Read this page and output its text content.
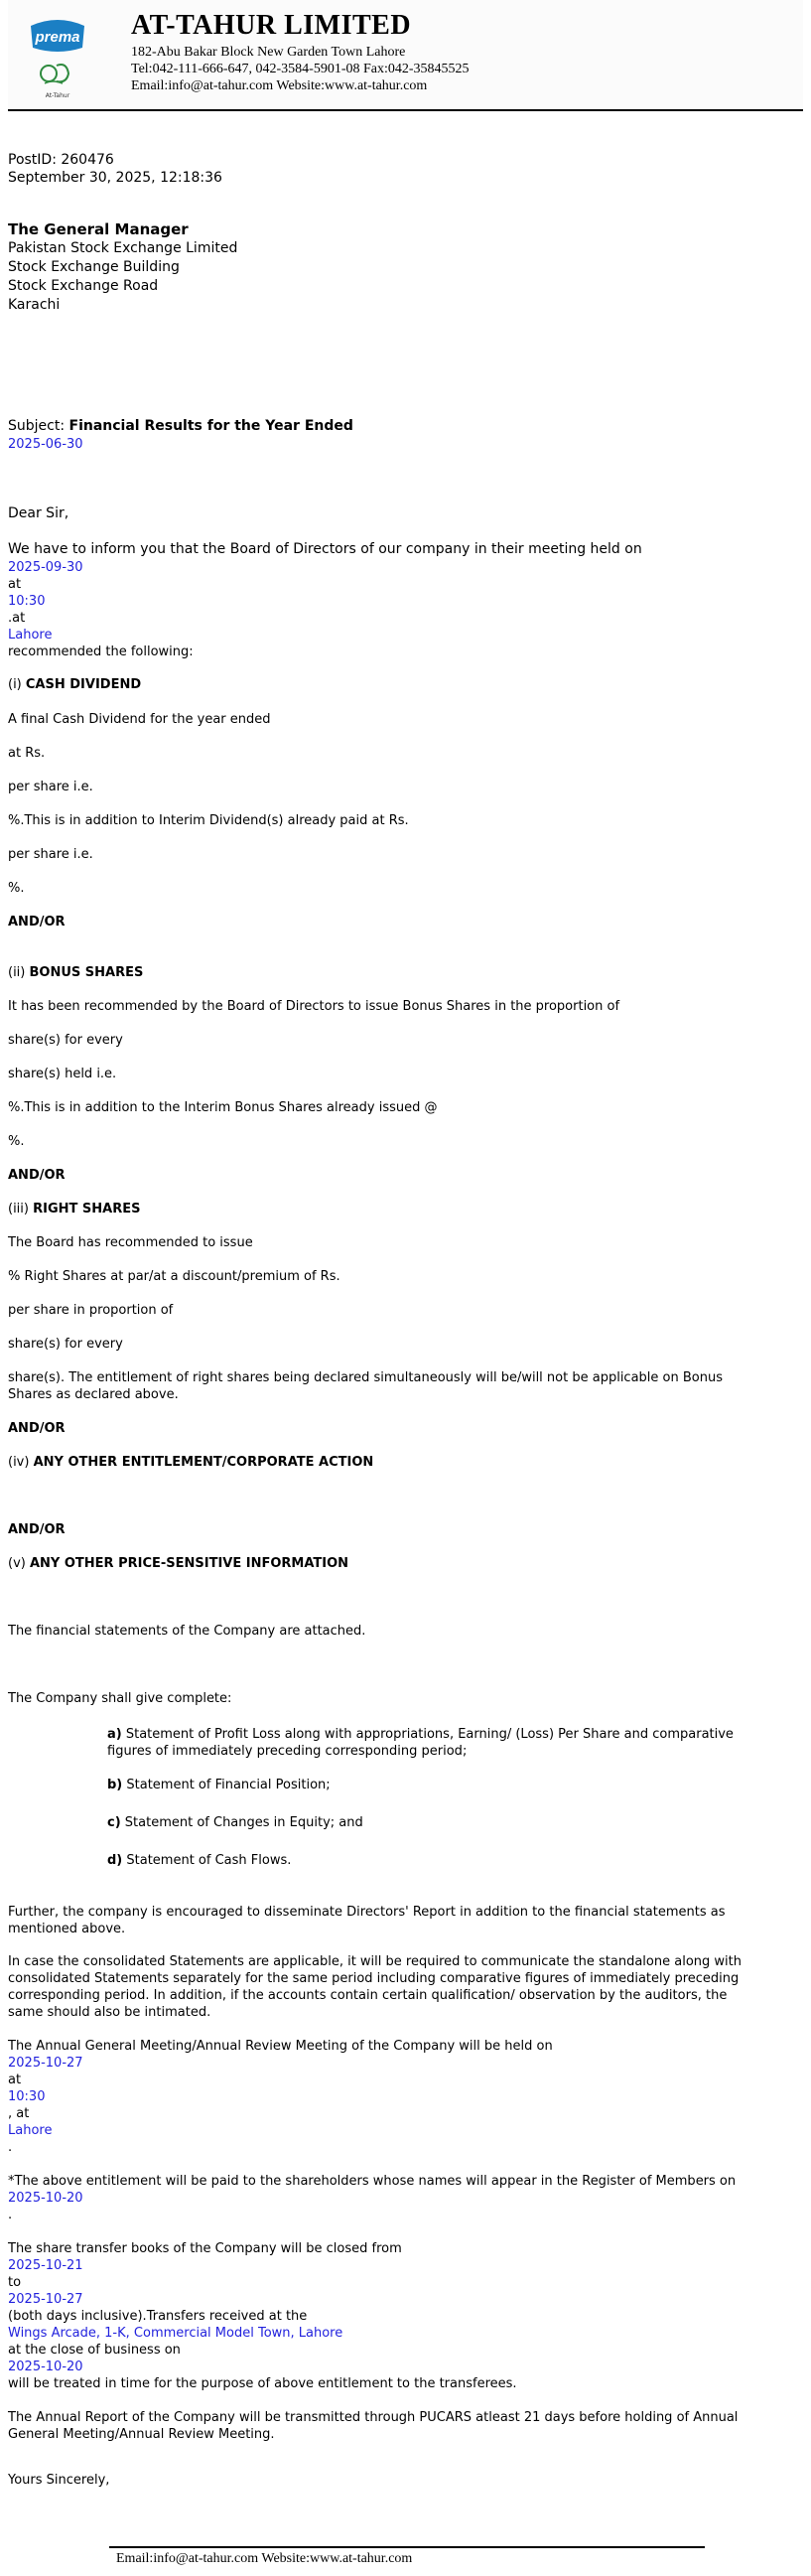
prema
At-Tahur
AT-TAHUR LIMITED
182-Abu Bakar Block New Garden Town Lahore
Tel:042-111-666-647, 042-3584-5901-08 Fax:042-35845525
Email:info@at-tahur.com Website:www.at-tahur.com
PostID: 260476
September 30, 2025, 12:18:36
The General Manager
Pakistan Stock Exchange Limited
Stock Exchange Building
Stock Exchange Road
Karachi
Subject: Financial Results for the Year Ended
2025-06-30
Dear Sir,
We have to inform you that the Board of Directors of our company in their meeting held on
2025-09-30
at
10:30
.at
Lahore
recommended the following:
(i) CASH DIVIDEND
A final Cash Dividend for the year ended
at Rs.
per share i.e.
%.This is in addition to Interim Dividend(s) already paid at Rs.
per share i.e.
%.
AND/OR
(ii) BONUS SHARES
It has been recommended by the Board of Directors to issue Bonus Shares in the proportion of
share(s) for every
share(s) held i.e.
%.This is in addition to the Interim Bonus Shares already issued @
%.
AND/OR
(iii) RIGHT SHARES
The Board has recommended to issue
% Right Shares at par/at a discount/premium of Rs.
per share in proportion of
share(s) for every
share(s). The entitlement of right shares being declared simultaneously will be/will not be applicable on Bonus
Shares as declared above.
AND/OR
(iv) ANY OTHER ENTITLEMENT/CORPORATE ACTION
AND/OR
(v) ANY OTHER PRICE-SENSITIVE INFORMATION
The financial statements of the Company are attached.
The Company shall give complete:
a) Statement of Profit Loss along with appropriations, Earning/ (Loss) Per Share and comparative figures of immediately preceding corresponding period;
b) Statement of Financial Position;
c) Statement of Changes in Equity; and
d) Statement of Cash Flows.
Further, the company is encouraged to disseminate Directors' Report in addition to the financial statements as mentioned above.
In case the consolidated Statements are applicable, it will be required to communicate the standalone along with consolidated Statements separately for the same period including comparative figures of immediately preceding corresponding period. In addition, if the accounts contain certain qualification/ observation by the auditors, the same should also be intimated.
The Annual General Meeting/Annual Review Meeting of the Company will be held on
2025-10-27
at
10:30
, at
Lahore
.
*The above entitlement will be paid to the shareholders whose names will appear in the Register of Members on
2025-10-20
.
The share transfer books of the Company will be closed from
2025-10-21
to
2025-10-27
(both days inclusive).Transfers received at the
Wings Arcade, 1-K, Commercial Model Town, Lahore
at the close of business on
2025-10-20
will be treated in time for the purpose of above entitlement to the transferees.
The Annual Report of the Company will be transmitted through PUCARS atleast 21 days before holding of Annual General Meeting/Annual Review Meeting.
Yours Sincerely,
Email:info@at-tahur.com Website:www.at-tahur.com
